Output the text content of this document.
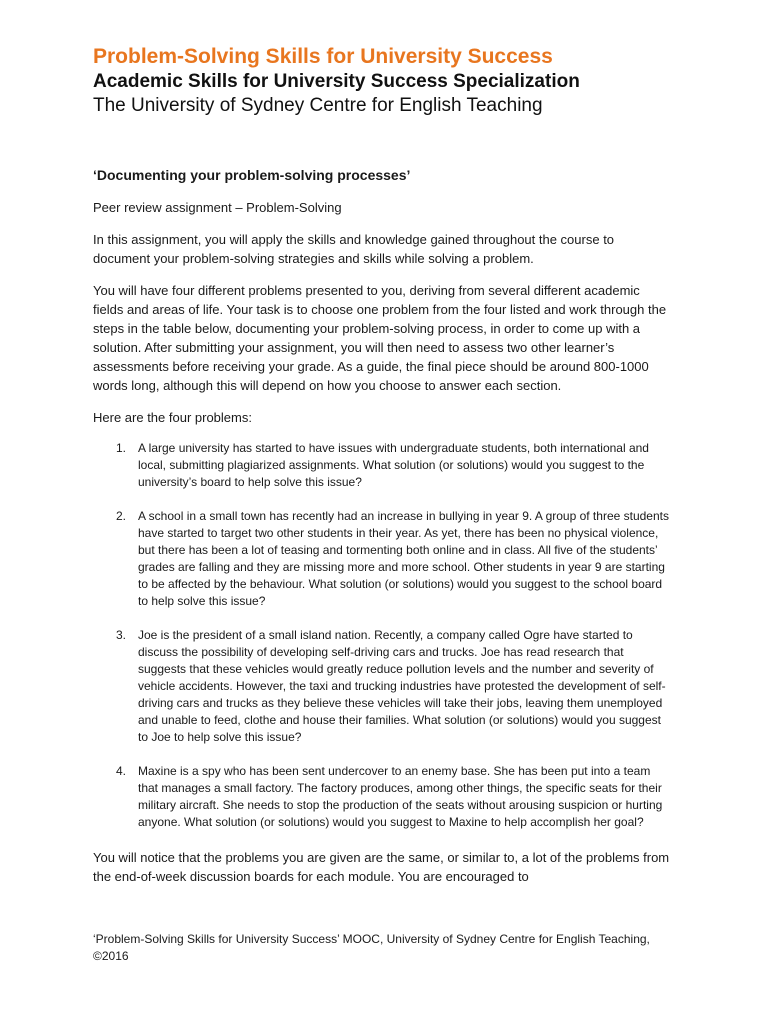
Problem-Solving Skills for University Success

Academic Skills for University Success Specialization

The University of Sydney Centre for English Teaching

‘Documenting your problem-solving processes’

Peer review assignment – Problem-Solving

In this assignment, you will apply the skills and knowledge gained throughout the course to document your problem-solving strategies and skills while solving a problem.

You will have four different problems presented to you, deriving from several different academic fields and areas of life. Your task is to choose one problem from the four listed and work through the steps in the table below, documenting your problem-solving process, in order to come up with a solution. After submitting your assignment, you will then need to assess two other learner’s assessments before receiving your grade. As a guide, the final piece should be around 800-1000 words long, although this will depend on how you choose to answer each section.

Here are the four problems:

1. A large university has started to have issues with undergraduate students, both international and local, submitting plagiarized assignments. What solution (or solutions) would you suggest to the university’s board to help solve this issue?
2. A school in a small town has recently had an increase in bullying in year 9. A group of three students have started to target two other students in their year. As yet, there has been no physical violence, but there has been a lot of teasing and tormenting both online and in class. All five of the students’ grades are falling and they are missing more and more school. Other students in year 9 are starting to be affected by the behaviour. What solution (or solutions) would you suggest to the school board to help solve this issue?
3. Joe is the president of a small island nation. Recently, a company called Ogre have started to discuss the possibility of developing self-driving cars and trucks. Joe has read research that suggests that these vehicles would greatly reduce pollution levels and the number and severity of vehicle accidents. However, the taxi and trucking industries have protested the development of self-driving cars and trucks as they believe these vehicles will take their jobs, leaving them unemployed and unable to feed, clothe and house their families. What solution (or solutions) would you suggest to Joe to help solve this issue?
4. Maxine is a spy who has been sent undercover to an enemy base. She has been put into a team that manages a small factory. The factory produces, among other things, the specific seats for their military aircraft. She needs to stop the production of the seats without arousing suspicion or hurting anyone. What solution (or solutions) would you suggest to Maxine to help accomplish her goal?

You will notice that the problems you are given are the same, or similar to, a lot of the problems from the end-of-week discussion boards for each module. You are encouraged to

‘Problem-Solving Skills for University Success’ MOOC, University of Sydney Centre for English Teaching, ©2016
